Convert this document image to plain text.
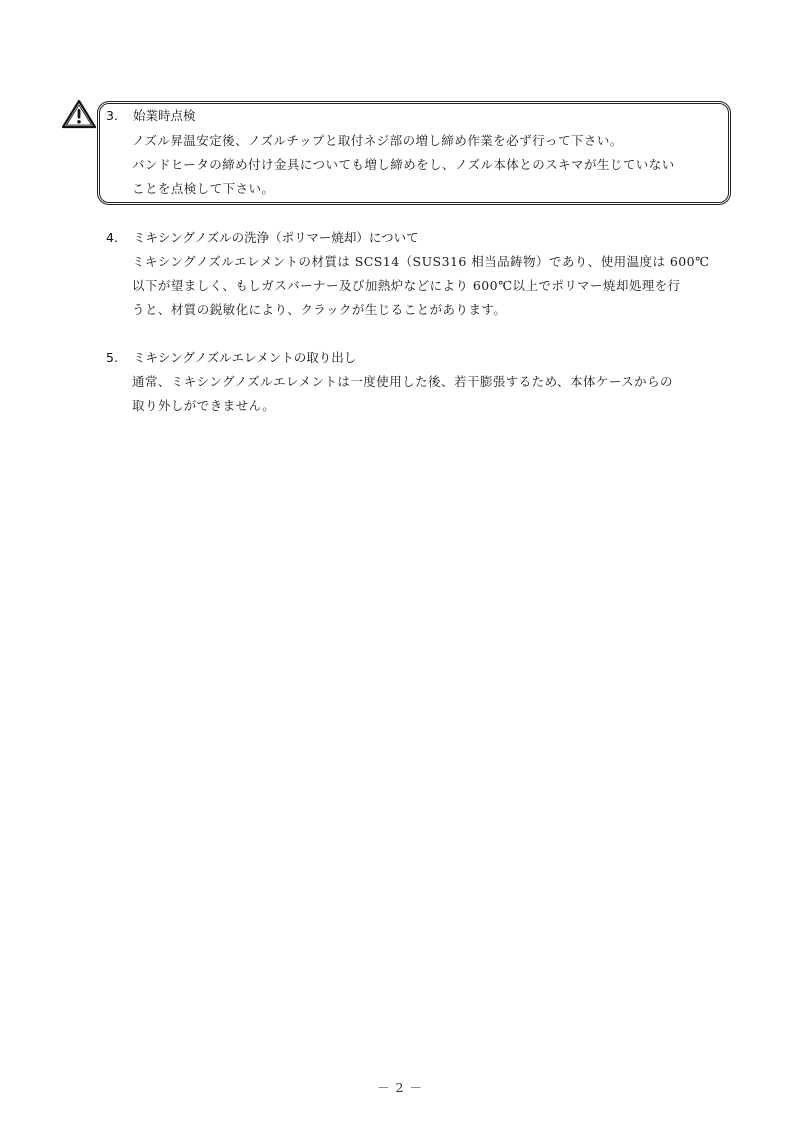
3.	始業時点検
ノズル昇温安定後、ノズルチップと取付ネジ部の増し締め作業を必ず行って下さい。
バンドヒータの締め付け金具についても増し締めをし、ノズル本体とのスキマが生じていない
ことを点検して下さい。
4.	ミキシングノズルの洗浄（ポリマー焼却）について
ミキシングノズルエレメントの材質は SCS14（SUS316 相当品鋳物）であり、使用温度は 600℃
以下が望ましく、もしガスバーナー及び加熱炉などにより 600℃以上でポリマー焼却処理を行
うと、材質の鋭敏化により、クラックが生じることがあります。
5.	ミキシングノズルエレメントの取り出し
通常、ミキシングノズルエレメントは一度使用した後、若干膨張するため、本体ケースからの
取り外しができません。
－ 2 －
